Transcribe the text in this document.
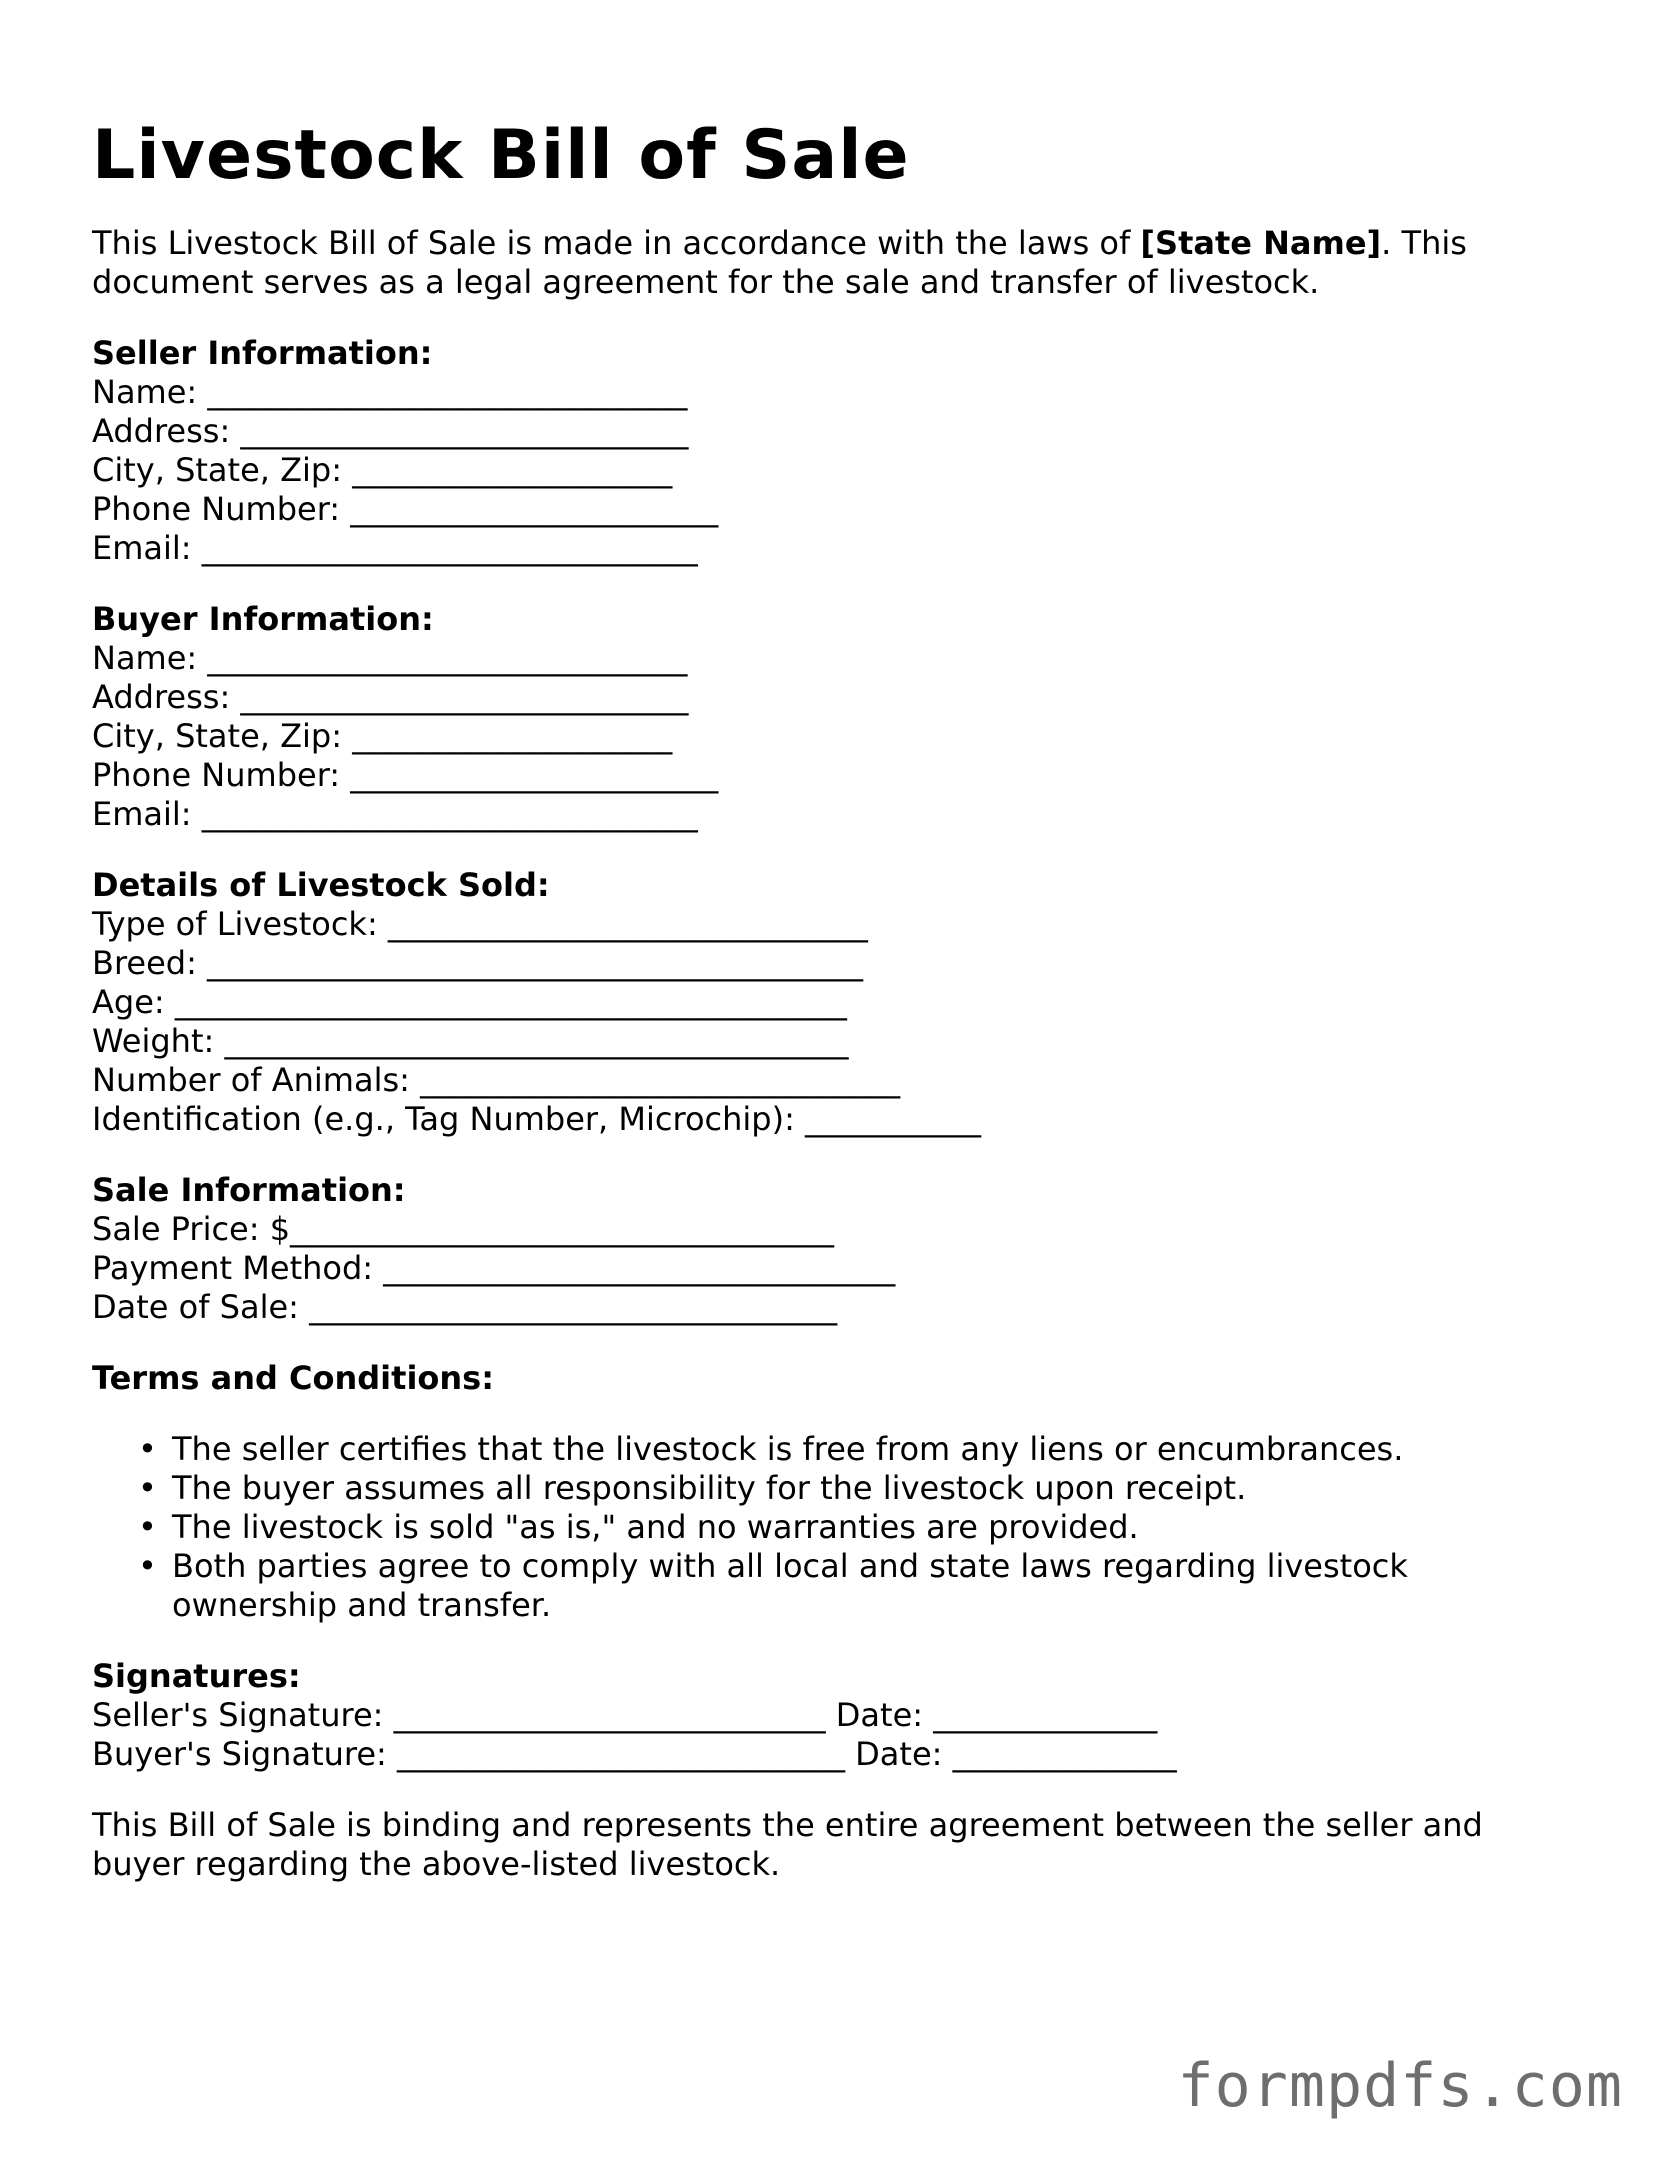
Livestock Bill of Sale
This Livestock Bill of Sale is made in accordance with the laws of [State Name]. This document serves as a legal agreement for the sale and transfer of livestock.
Seller Information:
Name: ______________________________
Address: ____________________________
City, State, Zip: ____________________
Phone Number: _______________________
Email: _______________________________
Buyer Information:
Name: ______________________________
Address: ____________________________
City, State, Zip: ____________________
Phone Number: _______________________
Email: _______________________________
Details of Livestock Sold:
Type of Livestock: ______________________________
Breed: _________________________________________
Age: __________________________________________
Weight: _______________________________________
Number of Animals: ______________________________
Identification (e.g., Tag Number, Microchip): ___________
Sale Information:
Sale Price: $__________________________________
Payment Method: ________________________________
Date of Sale: _________________________________
Terms and Conditions:
• The seller certifies that the livestock is free from any liens or encumbrances.
• The buyer assumes all responsibility for the livestock upon receipt.
• The livestock is sold "as is," and no warranties are provided.
• Both parties agree to comply with all local and state laws regarding livestock ownership and transfer.
Signatures:
Seller's Signature: ___________________________ Date: ______________
Buyer's Signature: ____________________________ Date: ______________
This Bill of Sale is binding and represents the entire agreement between the seller and buyer regarding the above-listed livestock.
formpdfs.com
